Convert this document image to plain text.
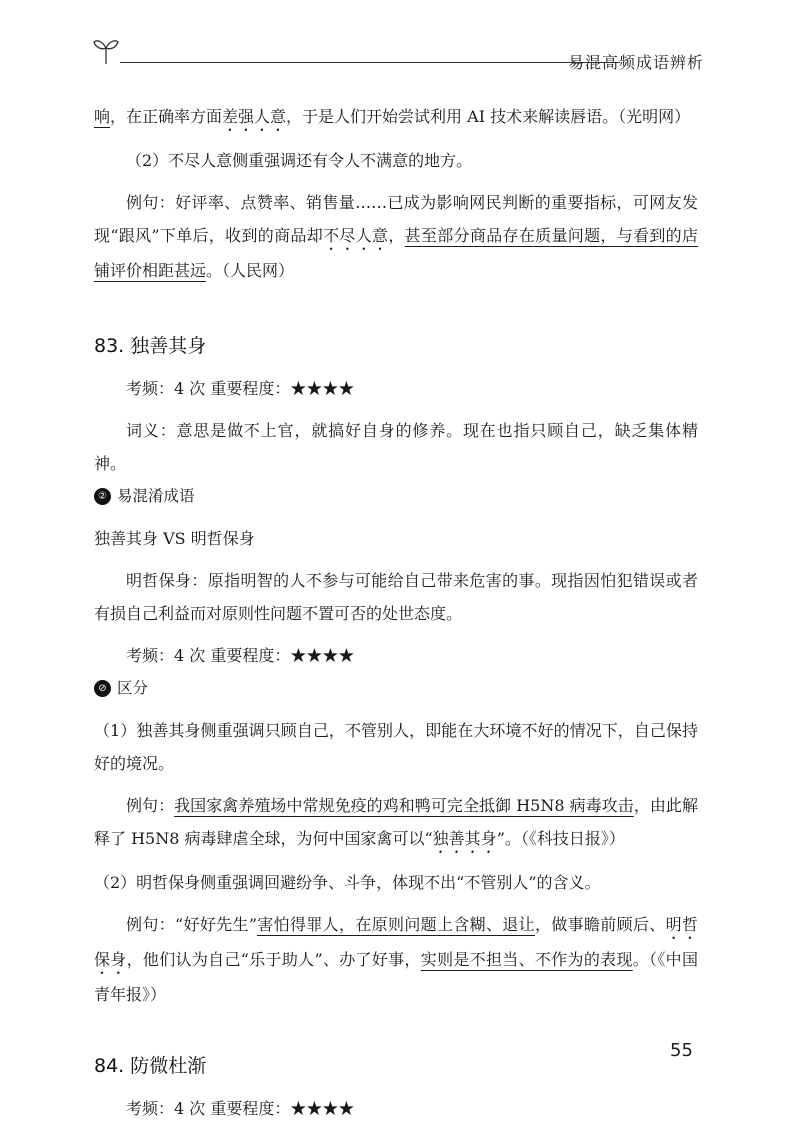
易混高频成语辨析

响，在正确率方面差强人意，于是人们开始尝试利用 AI 技术来解读唇语。（光明网）

（2）不尽人意侧重强调还有令人不满意的地方。

例句：好评率、点赞率、销售量……已成为影响网民判断的重要指标，可网友发现“跟风”下单后，收到的商品却不尽人意，甚至部分商品存在质量问题，与看到的店铺评价相距甚远。（人民网）

83. 独善其身

考频：4 次 重要程度：★★★★

词义：意思是做不上官，就搞好自身的修养。现在也指只顾自己，缺乏集体精神。

② 易混淆成语

独善其身 VS 明哲保身

明哲保身：原指明智的人不参与可能给自己带来危害的事。现指因怕犯错误或者有损自己利益而对原则性问题不置可否的处世态度。

考频：4 次 重要程度：★★★★

⊘ 区分

（1）独善其身侧重强调只顾自己，不管别人，即能在大环境不好的情况下，自己保持好的境况。

例句：我国家禽养殖场中常规免疫的鸡和鸭可完全抵御 H5N8 病毒攻击，由此解释了 H5N8 病毒肆虐全球，为何中国家禽可以“独善其身”。（《科技日报》）

（2）明哲保身侧重强调回避纷争、斗争，体现不出“不管别人”的含义。

例句：“好好先生”害怕得罪人，在原则问题上含糊、退让，做事瞻前顾后、明哲保身，他们认为自己“乐于助人”、办了好事，实则是不担当、不作为的表现。（《中国青年报》）

84. 防微杜渐

考频：4 次 重要程度：★★★★

55
